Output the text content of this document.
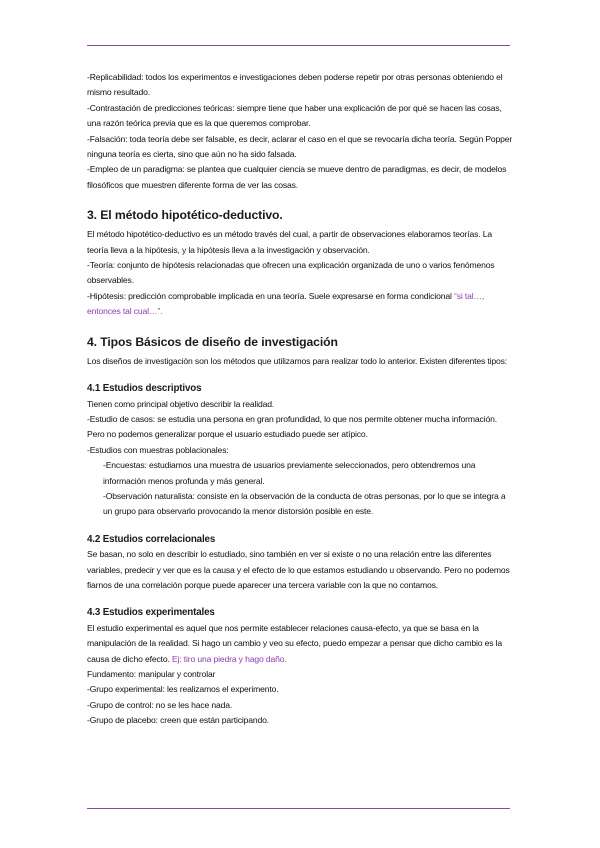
-Replicabilidad: todos los experimentos e investigaciones deben poderse repetir por otras personas obteniendo el mismo resultado.

-Contrastación de predicciones teóricas: siempre tiene que haber una explicación de por qué se hacen las cosas, una razón teórica previa que es la que queremos comprobar.

-Falsación: toda teoría debe ser falsable, es decir, aclarar el caso en el que se revocaría dicha teoría. Según Popper ninguna teoría es cierta, sino que aún no ha sido falsada.

-Empleo de un paradigma: se plantea que cualquier ciencia se mueve dentro de paradigmas, es decir, de modelos filosóficos que muestren diferente forma de ver las cosas.

3. El método hipotético-deductivo.

El método hipotético-deductivo es un método través del cual, a partir de observaciones elaboramos teorías. La teoría lleva a la hipótesis, y la hipótesis lleva a la investigación y observación.

-Teoría: conjunto de hipótesis relacionadas que ofrecen una explicación organizada de uno o varios fenómenos observables.

-Hipótesis: predicción comprobable implicada en una teoría. Suele expresarse en forma condicional “si tal…, entonces tal cual…”.

4. Tipos Básicos de diseño de investigación

Los diseños de investigación son los métodos que utilizamos para realizar todo lo anterior. Existen diferentes tipos:

4.1 Estudios descriptivos

Tienen como principal objetivo describir la realidad.

-Estudio de casos: se estudia una persona en gran profundidad, lo que nos permite obtener mucha información. Pero no podemos generalizar porque el usuario estudiado puede ser atípico.

-Estudios con muestras poblacionales:

-Encuestas: estudiamos una muestra de usuarios previamente seleccionados, pero obtendremos una información menos profunda y más general.

-Observación naturalista: consiste en la observación de la conducta de otras personas, por lo que se integra a un grupo para observarlo provocando la menor distorsión posible en este.

4.2 Estudios correlacionales

Se basan, no solo en describir lo estudiado, sino también en ver si existe o no una relación entre las diferentes variables, predecir y ver que es la causa y el efecto de lo que estamos estudiando u observando. Pero no podemos fiarnos de una correlación porque puede aparecer una tercera variable con la que no contamos.

4.3 Estudios experimentales

El estudio experimental es aquel que nos permite establecer relaciones causa-efecto, ya que se basa en la manipulación de la realidad. Si hago un cambio y veo su efecto, puedo empezar a pensar que dicho cambio es la causa de dicho efecto. Ej: tiro una piedra y hago daño.

Fundamento: manipular y controlar

-Grupo experimental: les realizamos el experimento.

-Grupo de control: no se les hace nada.

-Grupo de placebo: creen que están participando.
